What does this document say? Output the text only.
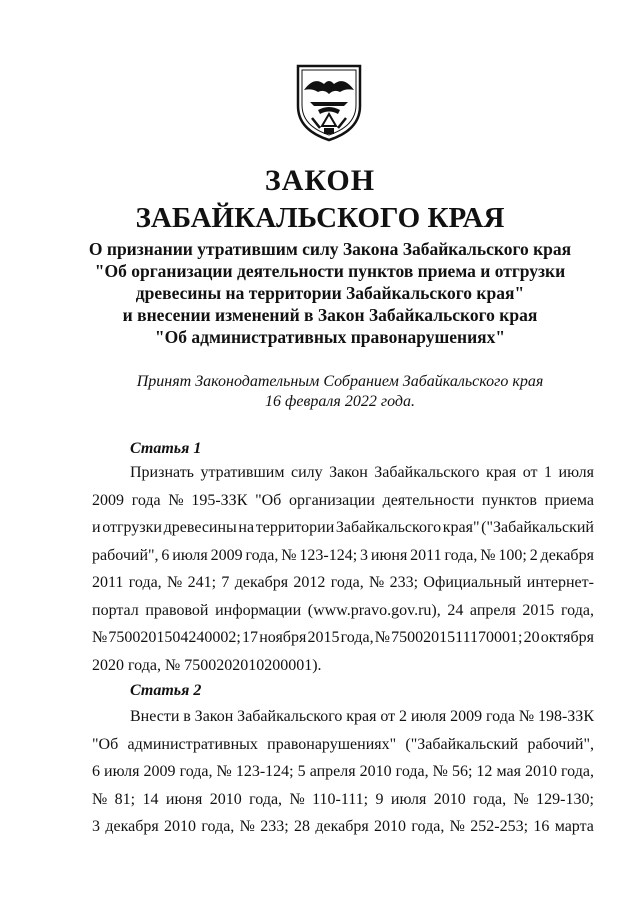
ЗАКОН
ЗАБАЙКАЛЬСКОГО КРАЯ
О признании утратившим силу Закона Забайкальского края
"Об организации деятельности пунктов приема и отгрузки
древесины на территории Забайкальского края"
и внесении изменений в Закон Забайкальского края
"Об административных правонарушениях"
Принят Законодательным Собранием Забайкальского края
16 февраля 2022 года.
Статья 1
Признать утратившим силу Закон Забайкальского края от 1 июля
2009 года № 195-ЗЗК "Об организации деятельности пунктов приема
и отгрузки древесины на территории Забайкальского края" ("Забайкальский
рабочий", 6 июля 2009 года, № 123-124; 3 июня 2011 года, № 100; 2 декабря
2011 года, № 241; 7 декабря 2012 года, № 233; Официальный интернет-
портал правовой информации (www.pravo.gov.ru), 24 апреля 2015 года,
№ 7500201504240002; 17 ноября 2015 года, № 7500201511170001; 20 октября
2020 года, № 7500202010200001).
Статья 2
Внести в Закон Забайкальского края от 2 июля 2009 года № 198-ЗЗК
"Об административных правонарушениях" ("Забайкальский рабочий",
6 июля 2009 года, № 123-124; 5 апреля 2010 года, № 56; 12 мая 2010 года,
№ 81; 14 июня 2010 года, № 110-111; 9 июля 2010 года, № 129-130;
3 декабря 2010 года, № 233; 28 декабря 2010 года, № 252-253; 16 марта
